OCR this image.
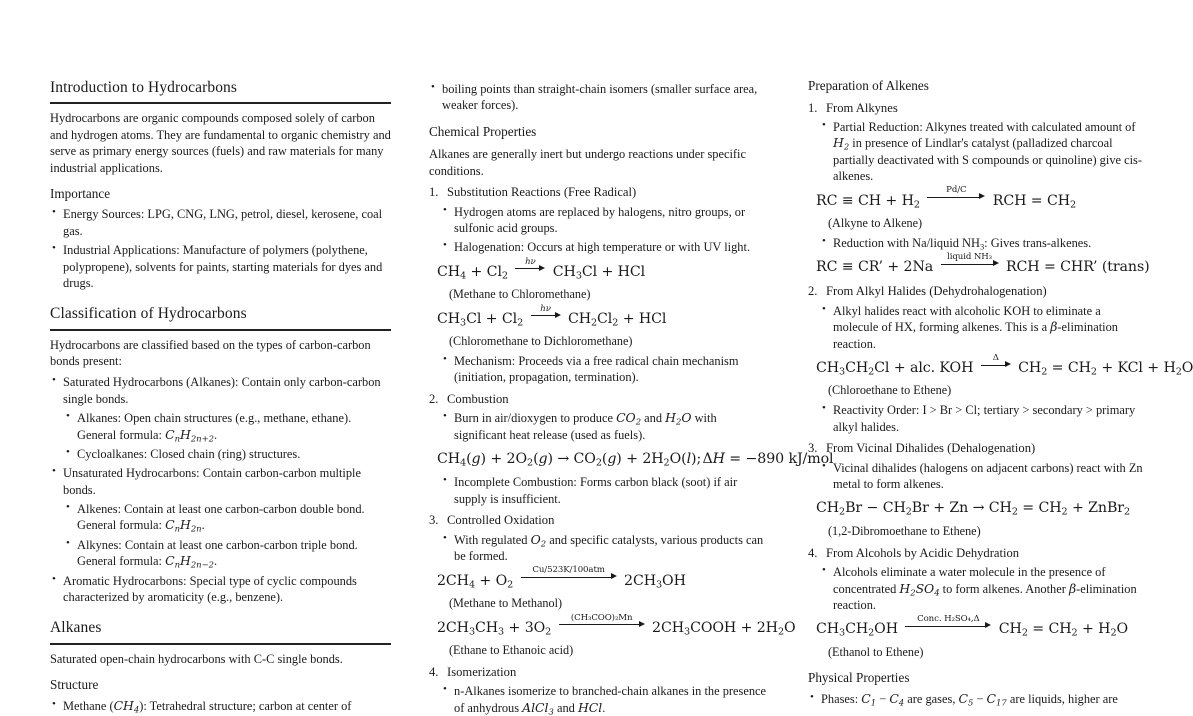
Introduction to Hydrocarbons

Hydrocarbons are organic compounds composed solely of carbon and hydrogen atoms. They are fundamental to organic chemistry and serve as primary energy sources (fuels) and raw materials for many industrial applications.

Importance
• Energy Sources: LPG, CNG, LNG, petrol, diesel, kerosene, coal gas.
• Industrial Applications: Manufacture of polymers (polythene, polypropene), solvents for paints, starting materials for dyes and drugs.
Classification of Hydrocarbons

Hydrocarbons are classified based on the types of carbon-carbon bonds present:

• Saturated Hydrocarbons (Alkanes): Contain only carbon-carbon single bonds.
• Alkanes: Open chain structures (e.g., methane, ethane). General formula: $C_nH_{2n+2}$.
• Cycloalkanes: Closed chain (ring) structures.
• Unsaturated Hydrocarbons: Contain carbon-carbon multiple bonds.
• Alkenes: Contain at least one carbon-carbon double bond. General formula: $C_nH_{2n}$.
• Alkynes: Contain at least one carbon-carbon triple bond. General formula: $C_nH_{2n-2}$.
• Aromatic Hydrocarbons: Special type of cyclic compounds characterized by aromaticity (e.g., benzene).
Alkanes

Saturated open-chain hydrocarbons with C-C single bonds.

Structure
• Methane $(CH_4)$: Tetrahedral structure; carbon at center of
• boiling points than straight-chain isomers (smaller surface area, weaker forces).
Chemical Properties

Alkanes are generally inert but undergo reactions under specific conditions.

Substitution Reactions (Free Radical)
• Hydrogen atoms are replaced by halogens, nitro groups, or sulfonic acid groups.
• Halogenation: Occurs at high temperature or with UV light.
$CH_4 + Cl_2$
hν
$CH_3Cl$ + HCl
(Methane to Chloromethane)
$CH_3Cl + Cl_2$
hν
$CH_2Cl_2$ + HCl
(Chloromethane to Dichloromethane)
• Mechanism: Proceeds via a free radical chain mechanism (initiation, propagation, termination).
Combustion
• Burn in air/dioxygen to produce $CO_2$ and $H_2O$ with significant heat release (used as fuels).
$CH_4(g) + 2O_2(g) \to CO_2(g) + 2H_2O(l)$; ΔH = −890 kJ/mol
• Incomplete Combustion: Forms carbon black (soot) if air supply is insufficient.
Controlled Oxidation
• With regulated $O_2$ and specific catalysts, various products can be formed.
$2CH_4 + O_2$
Cu/523K/100atm
$2CH_3OH$
(Methane to Methanol)
$2CH_3CH_3 + 3O_2$
(CH₃COO)₂Mn
$2CH_3COOH + 2H_2O$
(Ethane to Ethanoic acid)
Isomerization
• n-Alkanes isomerize to branched-chain alkanes in the presence of anhydrous AlCl$_3$ and HCl.
Preparation of Alkenes
From Alkynes
• Partial Reduction: Alkynes treated with calculated amount of $H_2$ in presence of Lindlar's catalyst (palladized charcoal partially deactivated with S compounds or quinoline) give cis-alkenes.
RC ≡ CH + $H_2$
Pd/C
RCH = $CH_2$
(Alkyne to Alkene)
• Reduction with Na/liquid $NH_3$: Gives trans-alkenes.
RC ≡ CR’ + 2Na
liquid NH₃
RCH = CHR’ (trans)
From Alkyl Halides (Dehydrohalogenation)
• Alkyl halides react with alcoholic KOH to eliminate a molecule of HX, forming alkenes. This is a β-elimination reaction.
$CH_3CH_2Cl$ + alc. KOH
Δ
$CH_2 = CH_2$ + KCl + $H_2O$
(Chloroethane to Ethene)
• Reactivity Order: I > Br > Cl; tertiary > secondary > primary alkyl halides.
From Vicinal Dihalides (Dehalogenation)
• Vicinal dihalides (halogens on adjacent carbons) react with Zn metal to form alkenes.
$CH_2Br - CH_2Br + Zn \to CH_2 = CH_2$ + ZnBr$_2$
(1,2-Dibromoethane to Ethene)
From Alcohols by Acidic Dehydration
• Alcohols eliminate a water molecule in the presence of concentrated $H_2SO_4$ to form alkenes. Another β-elimination reaction.
$CH_3CH_2OH$
Conc. H₂SO₄,Δ
$CH_2 = CH_2 + H_2O$
(Ethanol to Ethene)
Physical Properties
• Phases: $C_1 - C_4$ are gases, $C_5 - C_{17}$ are liquids, higher are
